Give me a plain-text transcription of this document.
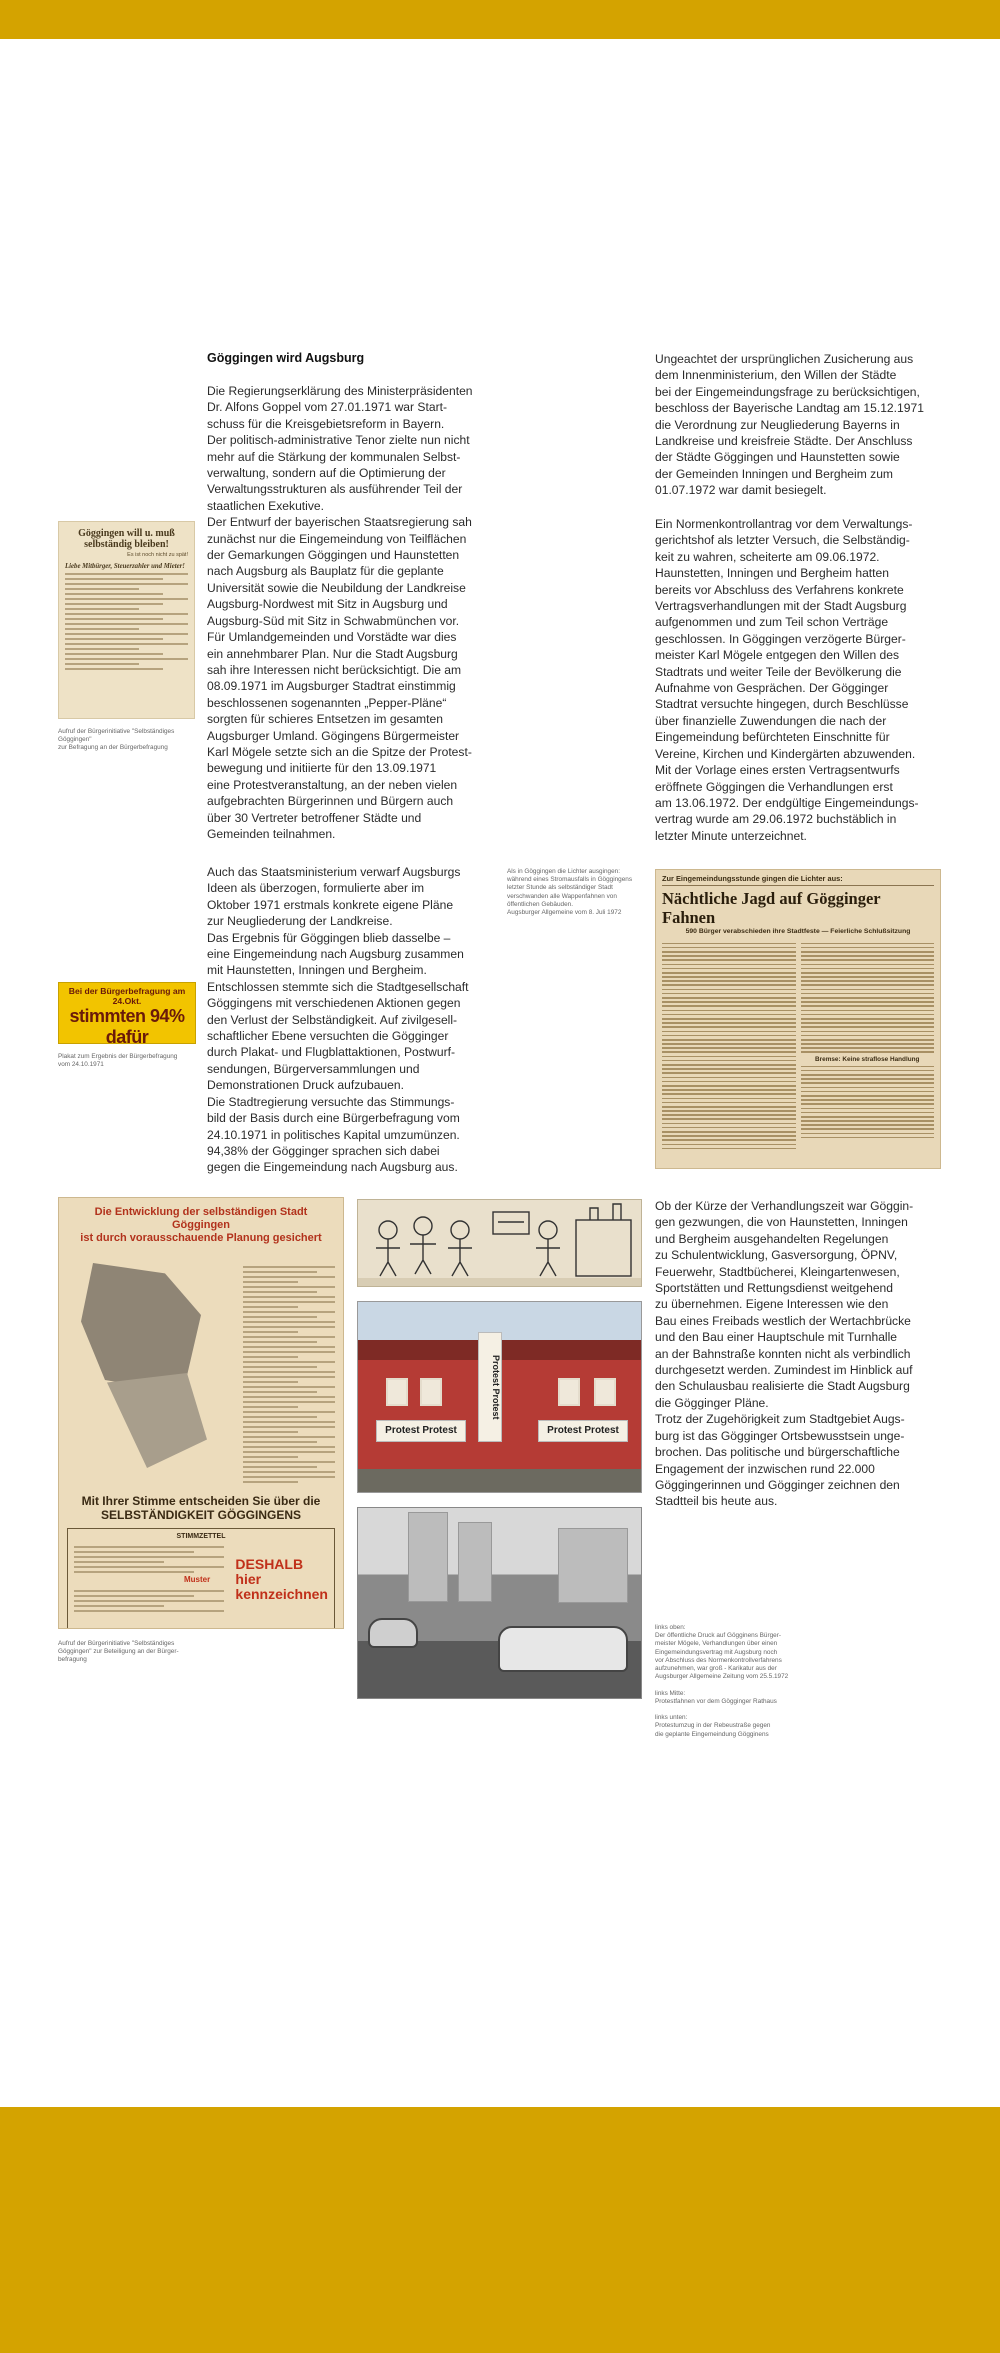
Göggingen wird Augsburg
Die Regierungserklärung des Ministerpräsidenten
Dr. Alfons Goppel vom 27.01.1971 war Start-
schuss für die Kreisgebietsreform in Bayern.
Der politisch-administrative Tenor zielte nun nicht
mehr auf die Stärkung der kommunalen Selbst-
verwaltung, sondern auf die Optimierung der
Verwaltungsstrukturen als ausführender Teil der
staatlichen Exekutive.
Der Entwurf der bayerischen Staatsregierung sah
zunächst nur die Eingemeindung von Teilflächen
der Gemarkungen Göggingen und Haunstetten
nach Augsburg als Bauplatz für die geplante
Universität sowie die Neubildung der Landkreise
Augsburg-Nordwest mit Sitz in Augsburg und
Augsburg-Süd mit Sitz in Schwabmünchen vor.
Für Umlandgemeinden und Vorstädte war dies
ein annehmbarer Plan. Nur die Stadt Augsburg
sah ihre Interessen nicht berücksichtigt. Die am
08.09.1971 im Augsburger Stadtrat einstimmig
beschlossenen sogenannten „Pepper-Pläne“
sorgten für schieres Entsetzen im gesamten
Augsburger Umland. Gögingens Bürgermeister
Karl Mögele setzte sich an die Spitze der Protest-
bewegung und initiierte für den 13.09.1971
eine Protestveranstaltung, an der neben vielen
aufgebrachten Bürgerinnen und Bürgern auch
über 30 Vertreter betroffener Städte und
Gemeinden teilnahmen.
Auch das Staatsministerium verwarf Augsburgs
Ideen als überzogen, formulierte aber im
Oktober 1971 erstmals konkrete eigene Pläne
zur Neugliederung der Landkreise.
Das Ergebnis für Göggingen blieb dasselbe –
eine Eingemeindung nach Augsburg zusammen
mit Haunstetten, Inningen und Bergheim.
Entschlossen stemmte sich die Stadtgesellschaft
Göggingens mit verschiedenen Aktionen gegen
den Verlust der Selbständigkeit. Auf zivilgesell-
schaftlicher Ebene versuchten die Gögginger
durch Plakat- und Flugblattaktionen, Postwurf-
sendungen, Bürgerversammlungen und
Demonstrationen Druck aufzubauen.
Die Stadtregierung versuchte das Stimmungs-
bild der Basis durch eine Bürgerbefragung vom
24.10.1971 in politisches Kapital umzumünzen.
94,38% der Gögginger sprachen sich dabei
gegen die Eingemeindung nach Augsburg aus.
Ungeachtet der ursprünglichen Zusicherung aus
dem Innenministerium, den Willen der Städte
bei der Eingemeindungsfrage zu berücksichtigen,
beschloss der Bayerische Landtag am 15.12.1971
die Verordnung zur Neugliederung Bayerns in
Landkreise und kreisfreie Städte. Der Anschluss
der Städte Göggingen und Haunstetten sowie
der Gemeinden Inningen und Bergheim zum
01.07.1972 war damit besiegelt.
Ein Normenkontrollantrag vor dem Verwaltungs-
gerichtshof als letzter Versuch, die Selbständig-
keit zu wahren, scheiterte am 09.06.1972.
Haunstetten, Inningen und Bergheim hatten
bereits vor Abschluss des Verfahrens konkrete
Vertragsverhandlungen mit der Stadt Augsburg
aufgenommen und zum Teil schon Verträge
geschlossen. In Göggingen verzögerte Bürger-
meister Karl Mögele entgegen den Willen des
Stadtrats und weiter Teile der Bevölkerung die
Aufnahme von Gesprächen. Der Gögginger
Stadtrat versuchte hingegen, durch Beschlüsse
über finanzielle Zuwendungen die nach der
Eingemeindung befürchteten Einschnitte für
Vereine, Kirchen und Kindergärten abzuwenden.
Mit der Vorlage eines ersten Vertragsentwurfs
eröffnete Göggingen die Verhandlungen erst
am 13.06.1972. Der endgültige Eingemeindungs-
vertrag wurde am 29.06.1972 buchstäblich in
letzter Minute unterzeichnet.
Ob der Kürze der Verhandlungszeit war Göggin-
gen gezwungen, die von Haunstetten, Inningen
und Bergheim ausgehandelten Regelungen
zu Schulentwicklung, Gasversorgung, ÖPNV,
Feuerwehr, Stadtbücherei, Kleingartenwesen,
Sportstätten und Rettungsdienst weitgehend
zu übernehmen. Eigene Interessen wie den
Bau eines Freibads westlich der Wertachbrücke
und den Bau einer Hauptschule mit Turnhalle
an der Bahnstraße konnten nicht als verbindlich
durchgesetzt werden. Zumindest im Hinblick auf
den Schulausbau realisierte die Stadt Augsburg
die Gögginger Pläne.
Trotz der Zugehörigkeit zum Stadtgebiet Augs-
burg ist das Gögginger Ortsbewusstsein unge-
brochen. Das politische und bürgerschaftliche
Engagement der inzwischen rund 22.000
Göggingerinnen und Gögginger zeichnen den
Stadtteil bis heute aus.
Göggingen will u. muß selbständig bleiben!
Es ist noch nicht zu spät!
Liebe Mitbürger, Steuerzahler und Mieter!
Aufruf der Bürgerinitiative "Selbständiges Göggingen"
zur Befragung an der Bürgerbefragung
Bei der Bürgerbefragung am 24.Okt.
stimmten 94% dafür
Plakat zum Ergebnis der Bürgerbefragung
vom 24.10.1971
Als in Göggingen die Lichter ausgingen:
während eines Stromausfalls in Göggingens
letzter Stunde als selbständiger Stadt
verschwanden alle Wappenfahnen von
öffentlichen Gebäuden.
Augsburger Allgemeine vom 8. Juli 1972
Zur Eingemeindungsstunde gingen die Lichter aus:
Nächtliche Jagd auf Gögginger Fahnen
590 Bürger verabschieden ihre Stadtfeste — Feierliche Schlußsitzung
Bremse: Keine straflose Handlung
Die Entwicklung der selbständigen Stadt Göggingen
ist durch vorausschauende Planung gesichert
Mit Ihrer Stimme entscheiden Sie über die
SELBSTÄNDIGKEIT GÖGGINGENS
STIMMZETTEL
Muster
DESHALB
hier
kennzeichnen
Aufruf der Bürgerinitiative "Selbständiges
Göggingen" zur Beteiligung an der Bürger-
befragung
Protest Protest
Protest Protest	Protest Protest
links oben:
Der öffentliche Druck auf Gögginens Bürger-
meister Mögele, Verhandlungen über einen
Eingemeindungsvertrag mit Augsburg noch
vor Abschluss des Normenkontrollverfahrens
aufzunehmen, war groß - Karikatur aus der
Augsburger Allgemeine Zeitung vom 25.5.1972

links Mitte:
Protestfahnen vor dem Gögginger Rathaus

links unten:
Protestumzug in der Rebeustraße gegen
die geplante Eingemeindung Gögginens
